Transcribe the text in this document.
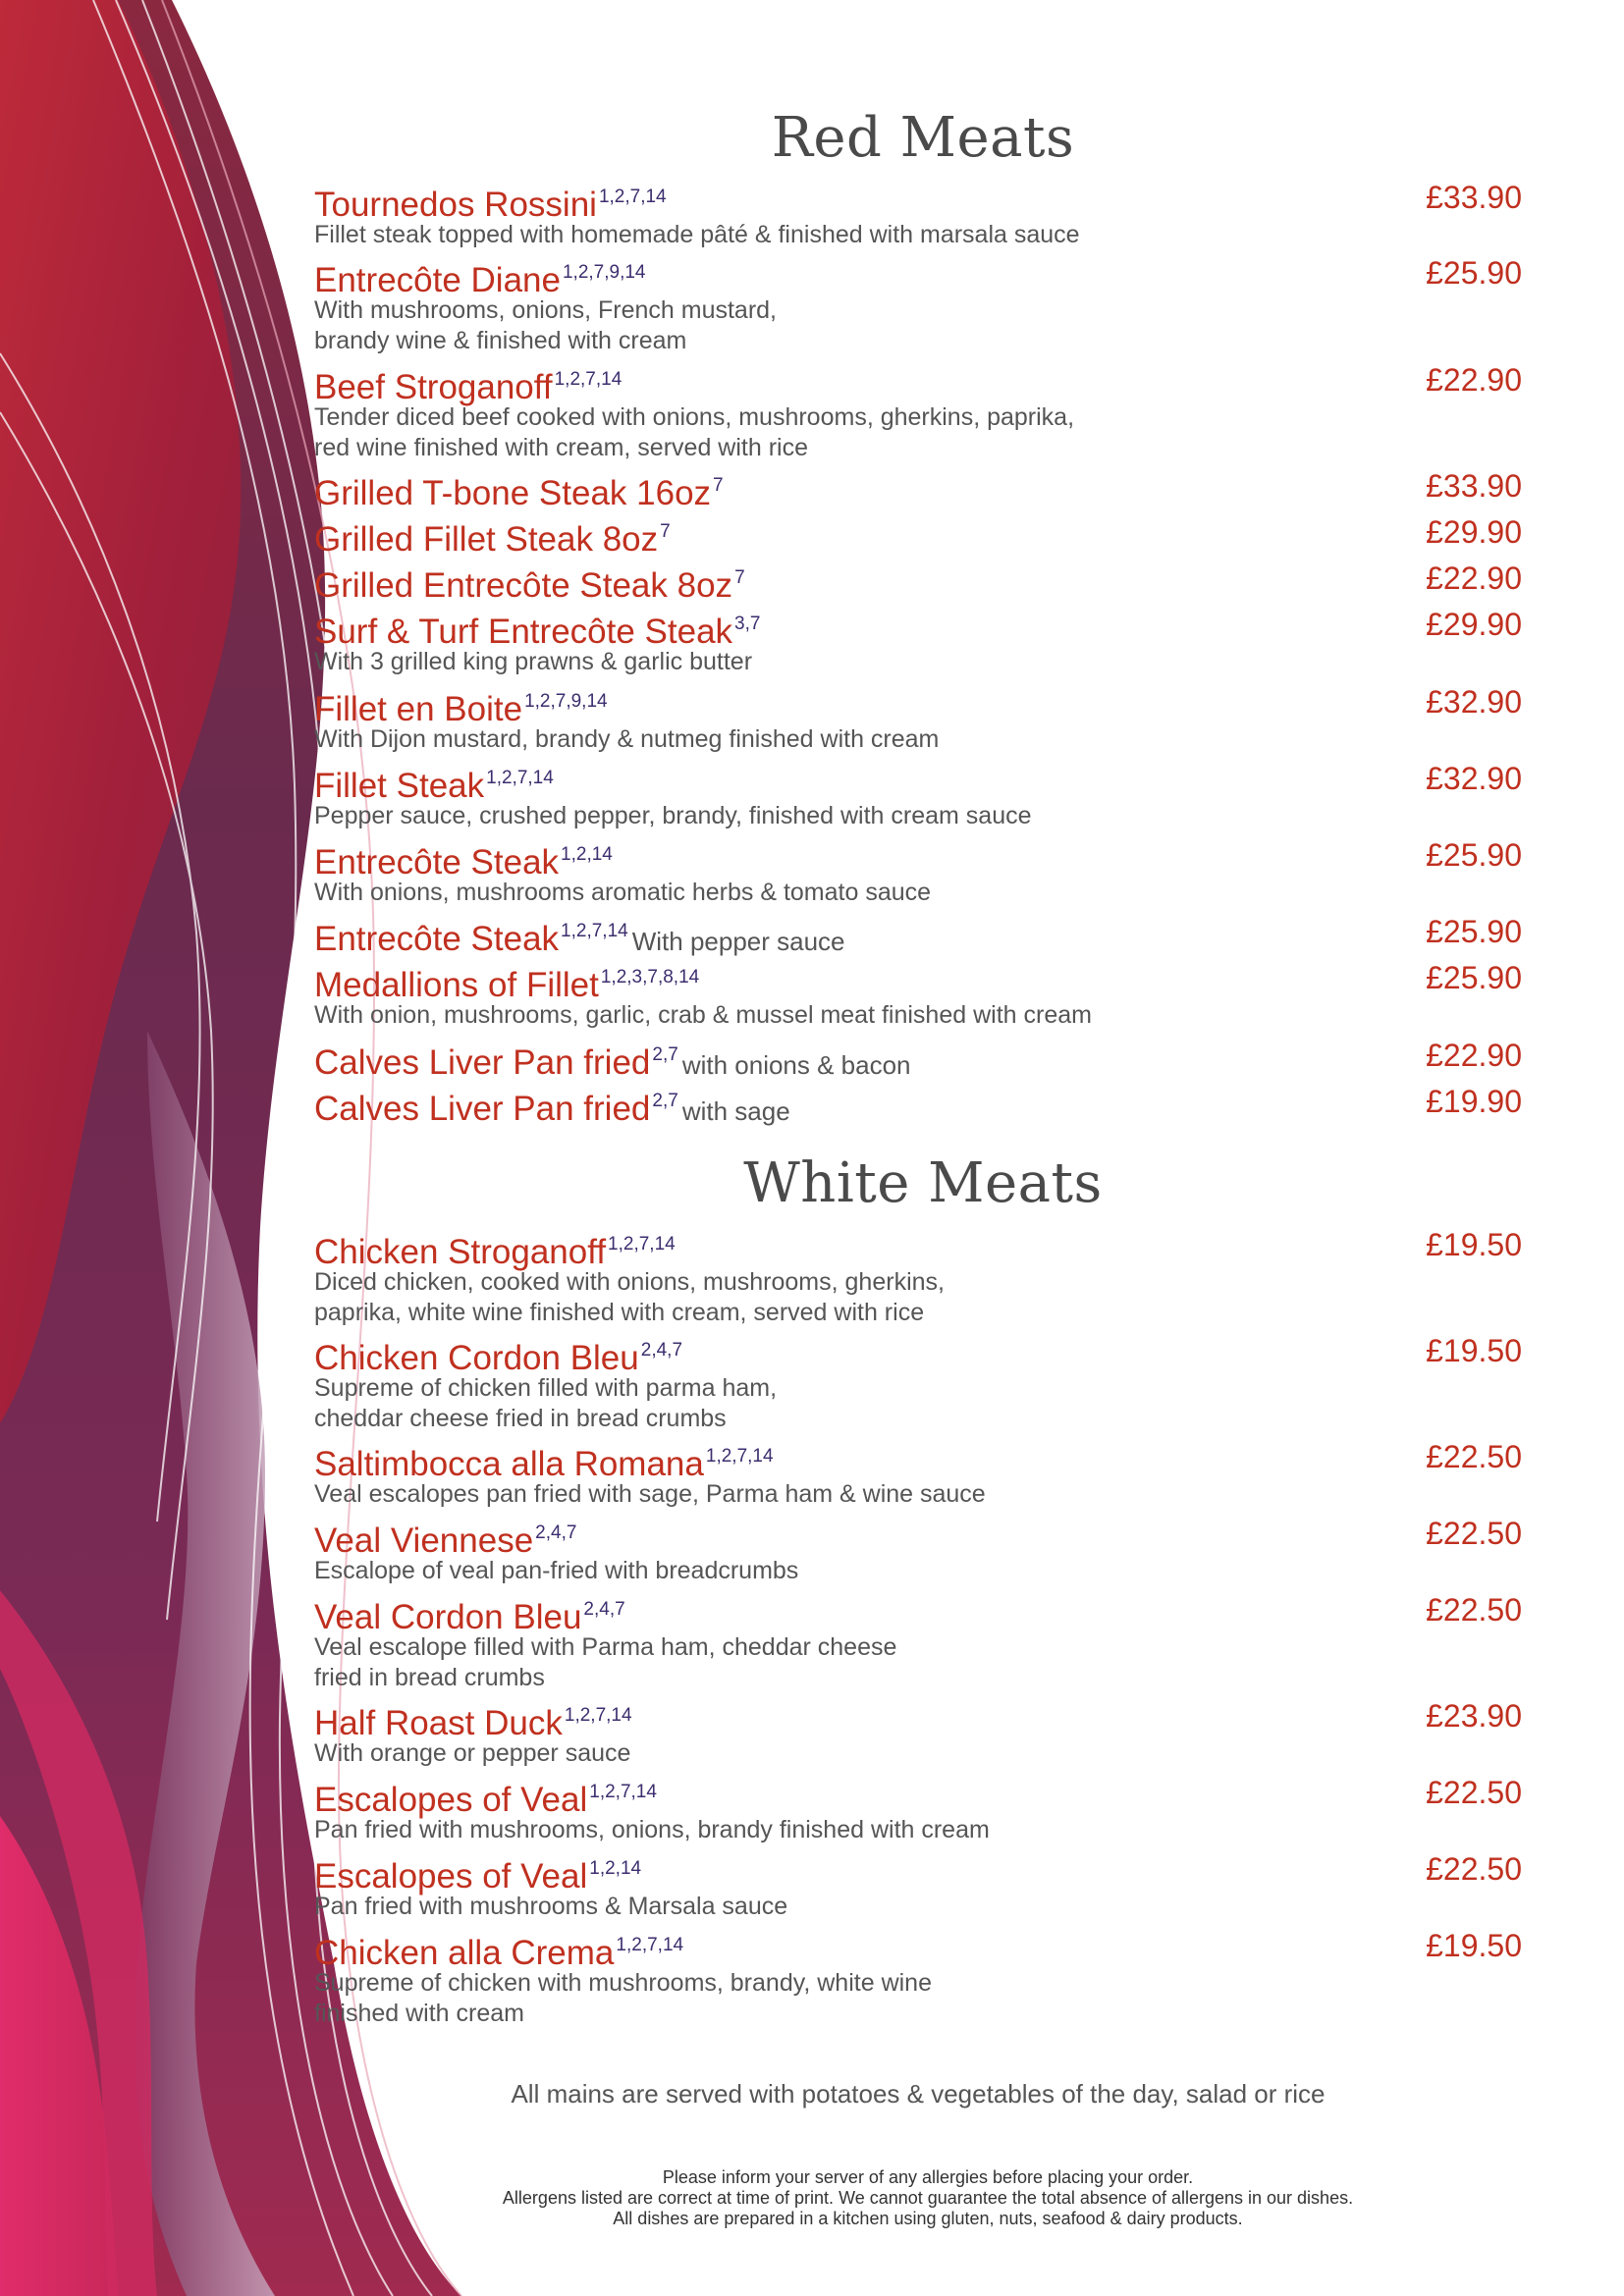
Red Meats
Tournedos Rossini 1,2,7,14	£33.90
Fillet steak topped with homemade pâté & finished with marsala sauce
Entrecôte Diane 1,2,7,9,14	£25.90
With mushrooms, onions, French mustard,
brandy wine & finished with cream
Beef Stroganoff 1,2,7,14	£22.90
Tender diced beef cooked with onions, mushrooms, gherkins, paprika,
red wine finished with cream, served with rice
Grilled T-bone Steak 16oz 7	£33.90
Grilled Fillet Steak 8oz 7	£29.90
Grilled Entrecôte Steak 8oz 7	£22.90
Surf & Turf Entrecôte Steak 3,7	£29.90
With 3 grilled king prawns & garlic butter
Fillet en Boite 1,2,7,9,14	£32.90
With Dijon mustard, brandy & nutmeg finished with cream
Fillet Steak 1,2,7,14	£32.90
Pepper sauce, crushed pepper, brandy, finished with cream sauce
Entrecôte Steak 1,2,14	£25.90
With onions, mushrooms aromatic herbs & tomato sauce
Entrecôte Steak 1,2,7,14 With pepper sauce	£25.90
Medallions of Fillet 1,2,3,7,8,14	£25.90
With onion, mushrooms, garlic, crab & mussel meat finished with cream
Calves Liver Pan fried 2,7 with onions & bacon	£22.90
Calves Liver Pan fried 2,7 with sage	£19.90
White Meats
Chicken Stroganoff 1,2,7,14	£19.50
Diced chicken, cooked with onions, mushrooms, gherkins,
paprika, white wine finished with cream, served with rice
Chicken Cordon Bleu 2,4,7	£19.50
Supreme of chicken filled with parma ham,
cheddar cheese fried in bread crumbs
Saltimbocca alla Romana 1,2,7,14	£22.50
Veal escalopes pan fried with sage, Parma ham & wine sauce
Veal Viennese 2,4,7	£22.50
Escalope of veal pan-fried with breadcrumbs
Veal Cordon Bleu 2,4,7	£22.50
Veal escalope filled with Parma ham, cheddar cheese
fried in bread crumbs
Half Roast Duck 1,2,7,14	£23.90
With orange or pepper sauce
Escalopes of Veal 1,2,7,14	£22.50
Pan fried with mushrooms, onions, brandy finished with cream
Escalopes of Veal 1,2,14	£22.50
Pan fried with mushrooms & Marsala sauce
Chicken alla Crema 1,2,7,14	£19.50
Supreme of chicken with mushrooms, brandy, white wine
finished with cream
All mains are served with potatoes & vegetables of the day, salad or rice
Please inform your server of any allergies before placing your order.
Allergens listed are correct at time of print. We cannot guarantee the total absence of allergens in our dishes.
All dishes are prepared in a kitchen using gluten, nuts, seafood & dairy products.
